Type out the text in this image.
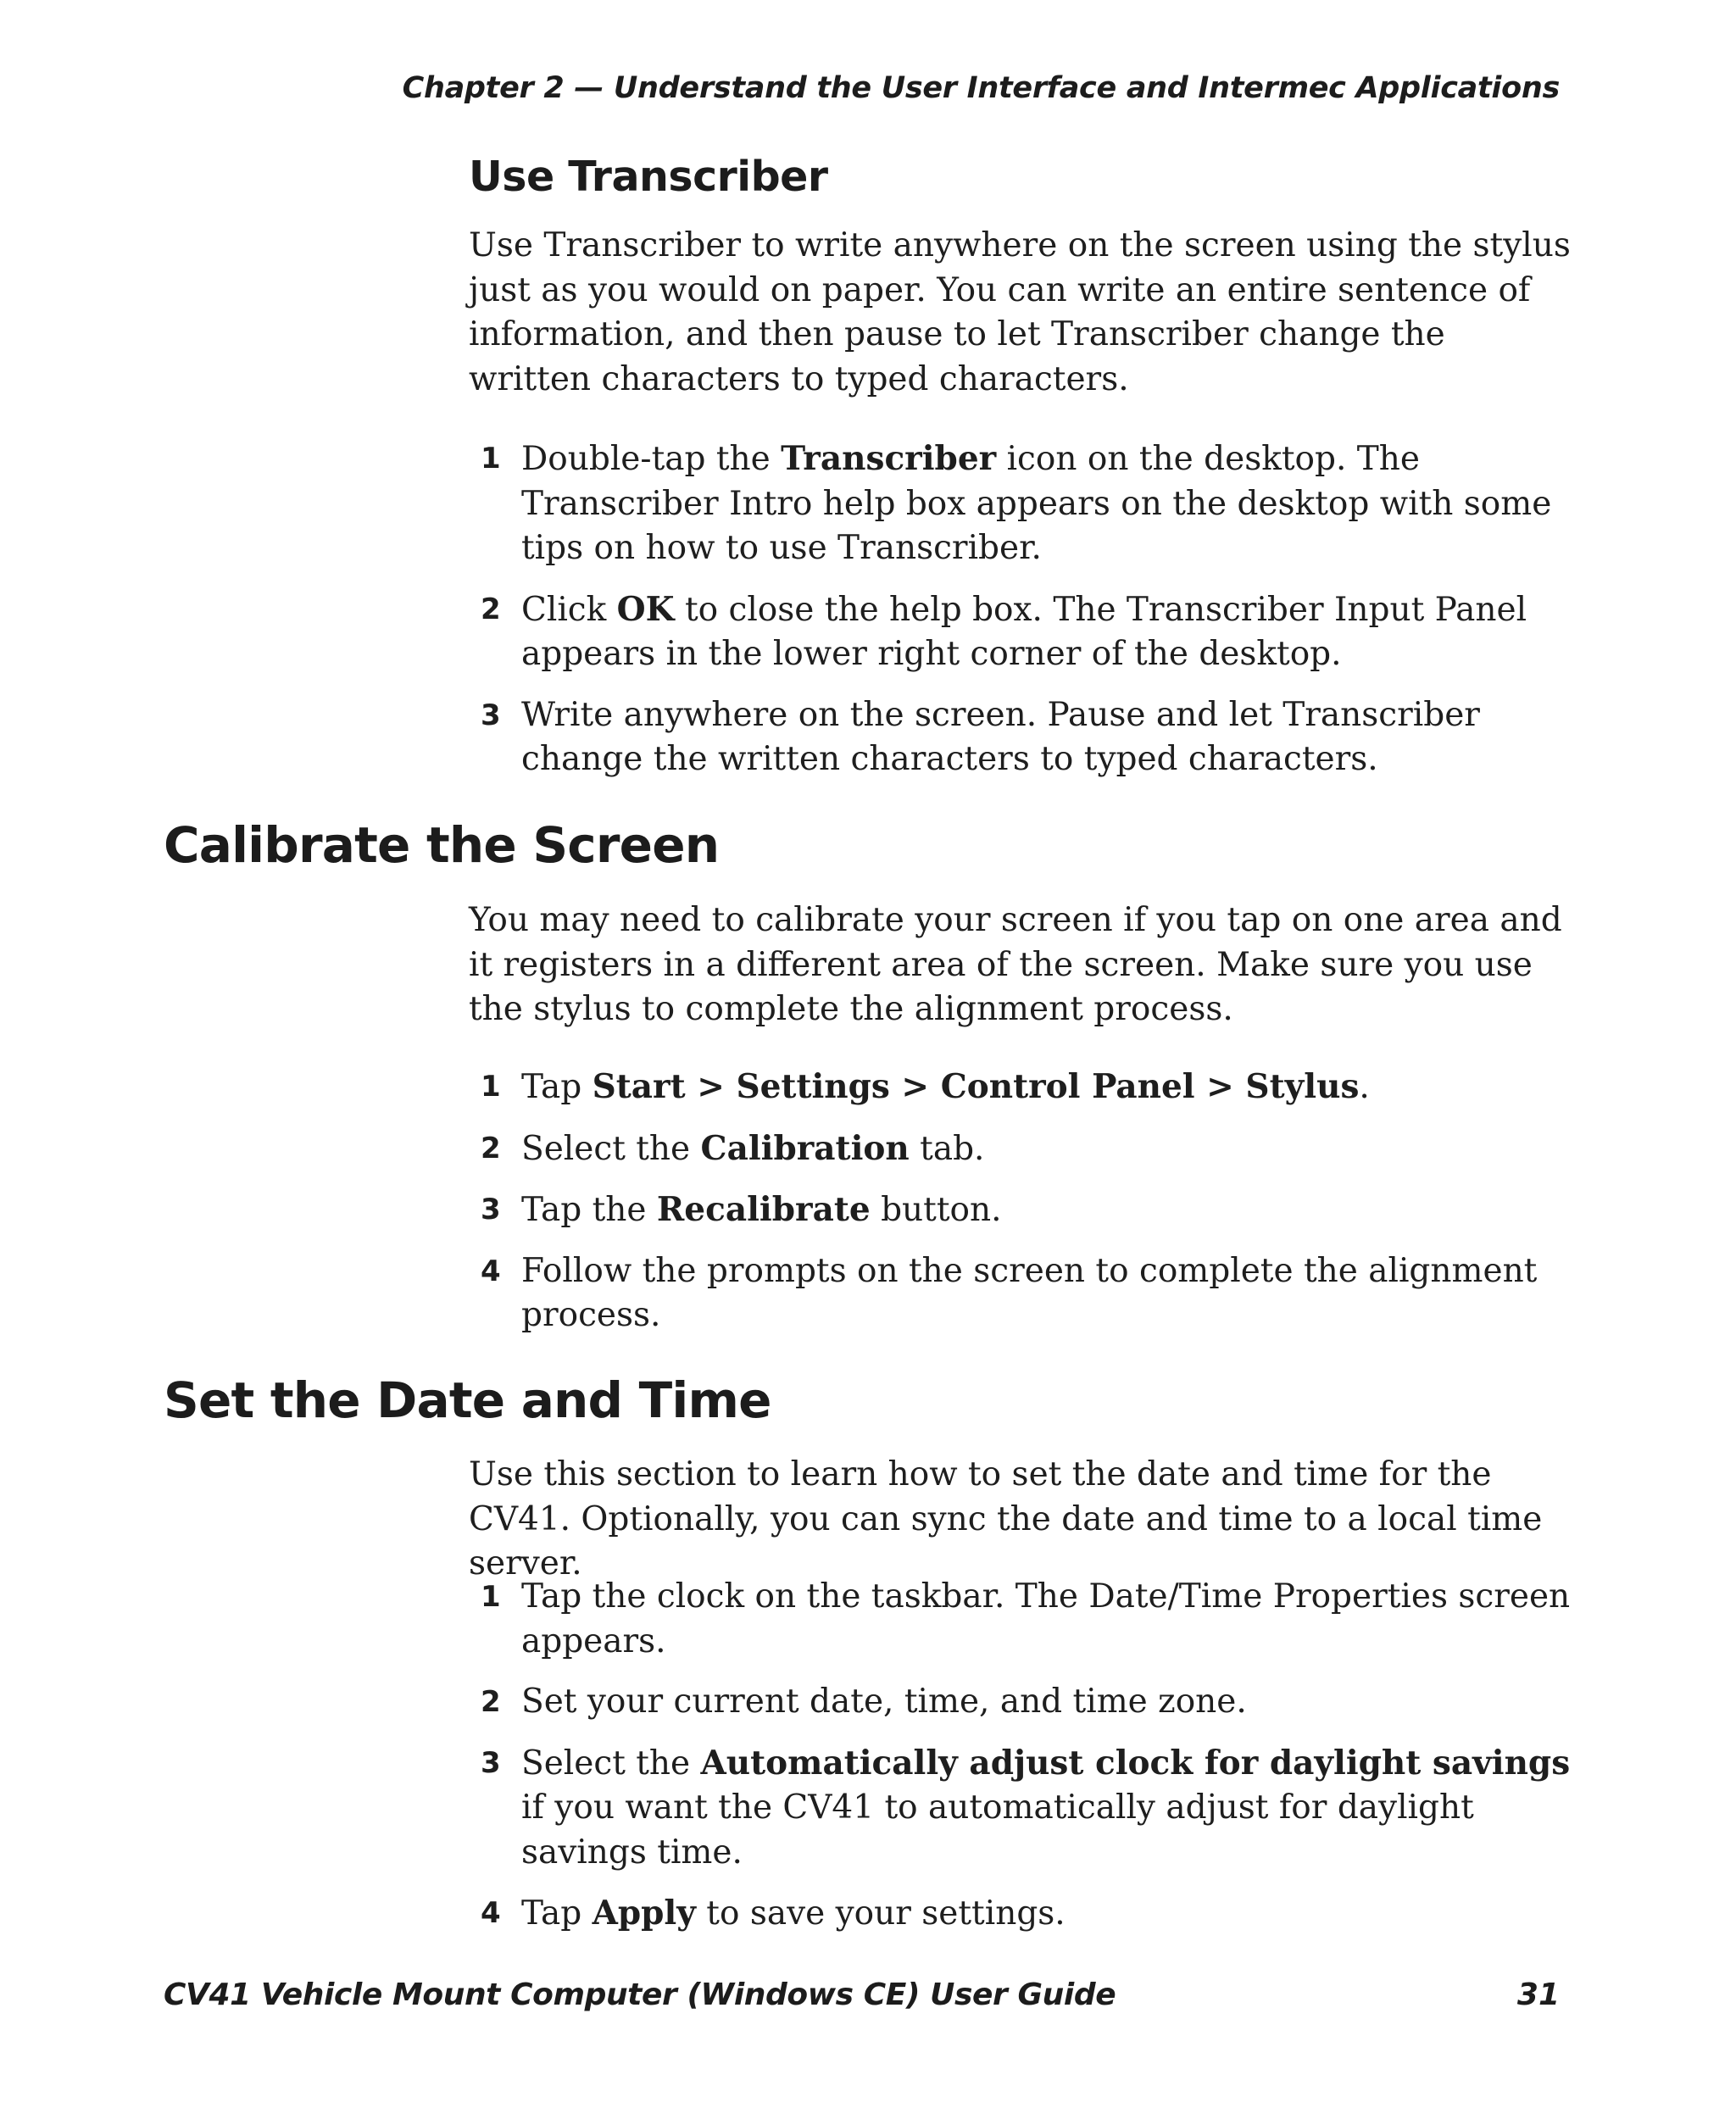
Chapter 2 — Understand the User Interface and Intermec Applications
Use Transcriber

Use Transcriber to write anywhere on the screen using the stylus just as you would on paper. You can write an entire sentence of information, and then pause to let Transcriber change the written characters to typed characters.

1 Double-tap the Transcriber icon on the desktop. The Transcriber Intro help box appears on the desktop with some tips on how to use Transcriber.
2 Click OK to close the help box. The Transcriber Input Panel appears in the lower right corner of the desktop.
3 Write anywhere on the screen. Pause and let Transcriber change the written characters to typed characters.
Calibrate the Screen

You may need to calibrate your screen if you tap on one area and it registers in a different area of the screen. Make sure you use the stylus to complete the alignment process.

1 Tap Start > Settings > Control Panel > Stylus.
2 Select the Calibration tab.
3 Tap the Recalibrate button.
4 Follow the prompts on the screen to complete the alignment process.
Set the Date and Time

Use this section to learn how to set the date and time for the CV41. Optionally, you can sync the date and time to a local time server.

1 Tap the clock on the taskbar. The Date/Time Properties screen appears.
2 Set your current date, time, and time zone.
3 Select the Automatically adjust clock for daylight savings if you want the CV41 to automatically adjust for daylight savings time.
4 Tap Apply to save your settings.
CV41 Vehicle Mount Computer (Windows CE) User Guide	31
